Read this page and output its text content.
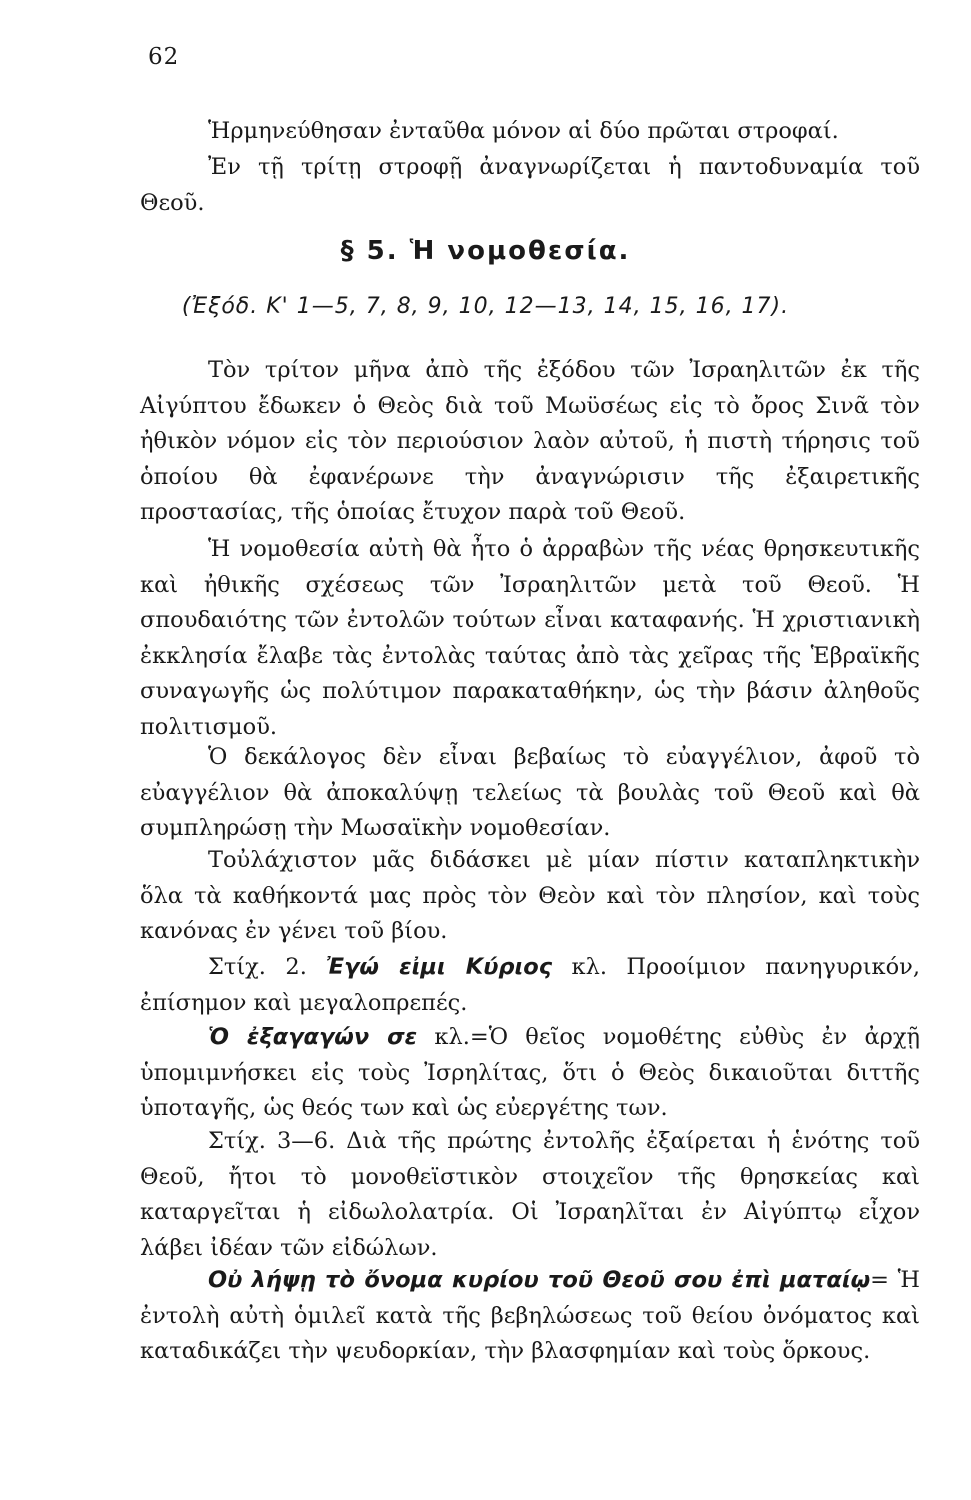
62

Ἡρμηνεύθησαν ἐνταῦθα μόνον αἱ δύο πρῶται στροφαί.

Ἐν τῇ τρίτῃ στροφῇ ἀναγνωρίζεται ἡ παντοδυναμία τοῦ Θεοῦ.

§ 5. Ἡ νομοθεσία.
(Ἐξόδ. Κ' 1—5, 7, 8, 9, 10, 12—13, 14, 15, 16, 17).

Τὸν τρίτον μῆνα ἀπὸ τῆς ἐξόδου τῶν Ἰσραηλιτῶν ἐκ τῆς Αἰγύπτου ἔδωκεν ὁ Θεὸς διὰ τοῦ Μωϋσέως εἰς τὸ ὄρος Σινᾶ τὸν ἠθικὸν νόμον εἰς τὸν περιούσιον λαὸν αὐτοῦ, ἡ πιστὴ τήρησις τοῦ ὁποίου θὰ ἐφανέρωνε τὴν ἀναγνώρισιν τῆς ἐξαιρετικῆς προστασίας, τῆς ὁποίας ἔτυχον παρὰ τοῦ Θεοῦ.

Ἡ νομοθεσία αὐτὴ θὰ ἦτο ὁ ἀρραβὼν τῆς νέας θρησκευτικῆς καὶ ἠθικῆς σχέσεως τῶν Ἰσραηλιτῶν μετὰ τοῦ Θεοῦ. Ἡ σπουδαιότης τῶν ἐντολῶν τούτων εἶναι καταφανής. Ἡ χριστιανικὴ ἐκκλησία ἔλαβε τὰς ἐντολὰς ταύτας ἀπὸ τὰς χεῖρας τῆς Ἑβραϊκῆς συναγωγῆς ὡς πολύτιμον παρακαταθήκην, ὡς τὴν βάσιν ἀληθοῦς πολιτισμοῦ.

Ὁ δεκάλογος δὲν εἶναι βεβαίως τὸ εὐαγγέλιον, ἀφοῦ τὸ εὐαγγέλιον θὰ ἀποκαλύψῃ τελείως τὰ βουλὰς τοῦ Θεοῦ καὶ θὰ συμπληρώσῃ τὴν Μωσαϊκὴν νομοθεσίαν.

Τοὐλάχιστον μᾶς διδάσκει μὲ μίαν πίστιν καταπληκτικὴν ὅλα τὰ καθήκοντά μας πρὸς τὸν Θεὸν καὶ τὸν πλησίον, καὶ τοὺς κανόνας ἐν γένει τοῦ βίου.

Στίχ. 2. Ἐγώ εἰμι Κύριος κλ. Προοίμιον πανηγυρικόν, ἐπίσημον καὶ μεγαλοπρεπές.

Ὁ ἐξαγαγών σε κλ.=Ὁ θεῖος νομοθέτης εὐθὺς ἐν ἀρχῇ ὑπομιμνήσκει εἰς τοὺς Ἰσρηλίτας, ὅτι ὁ Θεὸς δικαιοῦται διττῆς ὑποταγῆς, ὡς θεός των καὶ ὡς εὐεργέτης των.

Στίχ. 3—6. Διὰ τῆς πρώτης ἐντολῆς ἐξαίρεται ἡ ἑνότης τοῦ Θεοῦ, ἤτοι τὸ μονοθεϊστικὸν στοιχεῖον τῆς θρησκείας καὶ καταργεῖται ἡ εἰδωλολατρία. Οἱ Ἰσραηλῖται ἐν Αἰγύπτῳ εἶχον λάβει ἰδέαν τῶν εἰδώλων.

Οὐ λήψῃ τὸ ὄνομα κυρίου τοῦ Θεοῦ σου ἐπὶ ματαίῳ= Ἡ ἐντολὴ αὐτὴ ὁμιλεῖ κατὰ τῆς βεβηλώσεως τοῦ θείου ὀνόματος καὶ καταδικάζει τὴν ψευδορκίαν, τὴν βλασφημίαν καὶ τοὺς ὅρκους.
